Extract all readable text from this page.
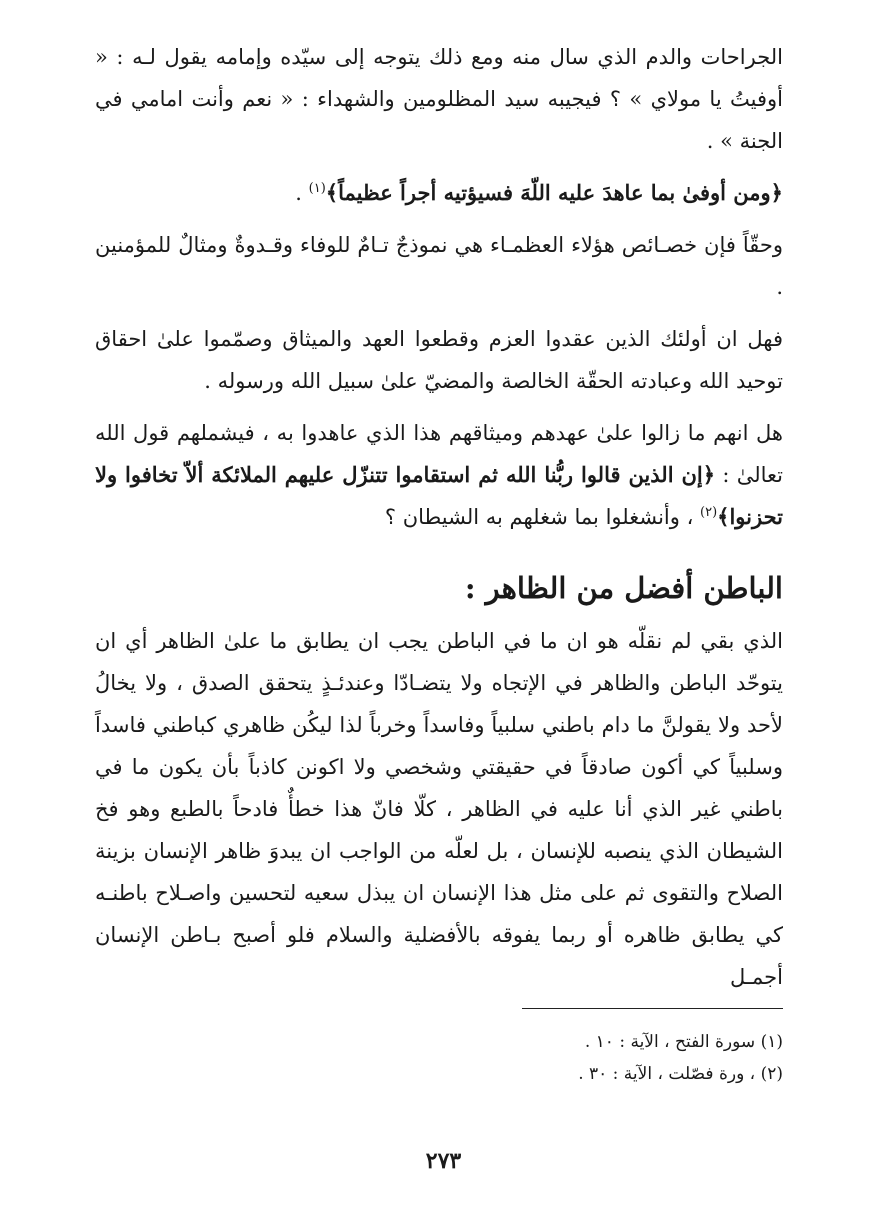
الجراحات والدم الذي سال منه ومع ذلك يتوجه إلى سيّده وإمامه يقول لـه : « أوفيتُ يا مولاي » ؟ فيجيبه سيد المظلومين والشهداء : « نعم وأنت امامي في الجنة » .

﴿ومن أوفىٰ بما عاهدَ عليه اللّهَ فسيؤتيه أجراً عظيماً﴾$^{(١)}$ .

وحقّاً فإن خصـائص هؤلاء العظمـاء هي نموذجٌ تـامٌ للوفاء وقـدوةٌ ومثالٌ للمؤمنين .

فهل ان أولئك الذين عقدوا العزم وقطعوا العهد والميثاق وصمّموا علىٰ احقاق توحيد الله وعبادته الحقّة الخالصة والمضيّ علىٰ سبيل الله ورسوله .

هل انهم ما زالوا علىٰ عهدهم وميثاقهم هذا الذي عاهدوا به ، فيشملهم قول الله تعالىٰ : ﴿إن الذين قالوا ربُّنا الله ثم استقاموا تتنزّل عليهم الملائكة ألاّ تخافوا ولا تحزنوا﴾$^{(٢)}$ ، وأنشغلوا بما شغلهم به الشيطان ؟

الباطن أفضل من الظاهر :

الذي بقي لم نقلّه هو ان ما في الباطن يجب ان يطابق ما علىٰ الظاهر أي ان يتوحّد الباطن والظاهر في الإتجاه ولا يتضـادّا وعندئـذٍ يتحقق الصدق ، ولا يخالُ لأحد ولا يقولنَّ ما دام باطني سلبياً وفاسداً وخرباً لذا ليكُن ظاهري كباطني فاسداً وسلبياً كي أكون صادقاً في حقيقتي وشخصي ولا اكونن كاذباً بأن يكون ما في باطني غير الذي أنا عليه في الظاهر ، كلّا فانّ هذا خطأٌ فادحاً بالطبع وهو فخ الشيطان الذي ينصبه للإنسان ، بل لعلّه من الواجب ان يبدوَ ظاهر الإنسان بزينة الصلاح والتقوى ثم على مثل هذا الإنسان ان يبذل سعيه لتحسين واصـلاح باطنـه كي يطابق ظاهره أو ربما يفوقه بالأفضلية والسلام فلو أصبح بـاطن الإنسان أجمـل

(١) سورة الفتح ، الآية : ١٠ .
(٢) ، ورة فصّلت ، الآية : ٣٠ .
٢٧٣
